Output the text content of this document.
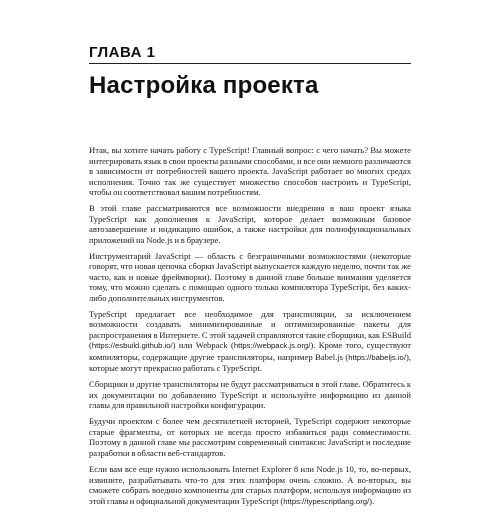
ГЛАВА 1
Настройка проекта

Итак, вы хотите начать работу с TypeScript! Главный вопрос: с чего начать? Вы можете интегрировать язык в свои проекты разными способами, и все они немного различаются в зависимости от потребностей вашего проекта. JavaScript работает во многих средах исполнения. Точно так же существует множество способов настроить и TypeScript, чтобы он соответствовал вашим потребностям.

В этой главе рассматриваются все возможности внедрения в ваш проект языка TypeScript как дополнения к JavaScript, которое делает возможным базовое автозавершение и индикацию ошибок, а также настройки для полнофункциональных приложений на Node.js и в браузере.

Инструментарий JavaScript — область с безграничными возможностями (некоторые говорят, что новая цепочка сборки JavaScript выпускается каждую неделю, почти так же часто, как и новые фреймворки). Поэтому в данной главе больше внимания уделяется тому, что можно сделать с помощью одного только компилятора TypeScript, без каких-либо дополнительных инструментов.

TypeScript предлагает все необходимое для транспиляции, за исключением возможности создавать минимизированные и оптимизированные пакеты для распространения в Интернете. С этой задачей справляются такие сборщики, как ESBuild (https://esbuild.github.io/) или Webpack (https://webpack.js.org/). Кроме того, существуют компиляторы, содержащие другие транспиляторы, например Babel.js (https://babeljs.io/), которые могут прекрасно работать с TypeScript.

Сборщики и другие транспиляторы не будут рассматриваться в этой главе. Обратитесь к их документации по добавлению TypeScript и используйте информацию из данной главы для правильной настройки конфигурации.

Будучи проектом с более чем десятилетней историей, TypeScript содержит некоторые старые фрагменты, от которых не всегда просто избавиться ради совместимости. Поэтому в данной главе мы рассмотрим современный синтаксис JavaScript и последние разработки в области веб-стандартов.

Если вам все еще нужно использовать Internet Explorer 8 или Node.js 10, то, во-первых, извините, разрабатывать что-то для этих платформ очень сложно. А во-вторых, вы сможете собрать воедино компоненты для старых платформ, используя информацию из этой главы и официальной документации TypeScript (https://typescriptlang.org/).
